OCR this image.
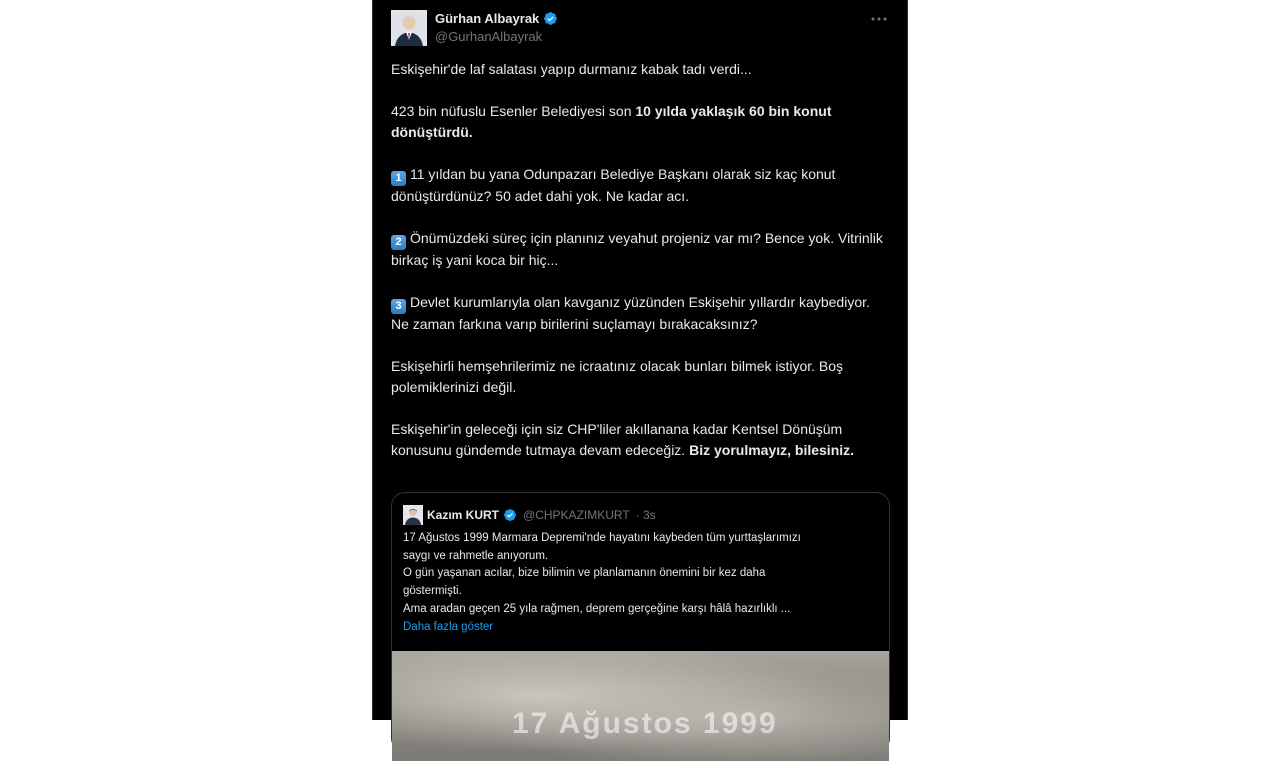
Gürhan Albayrak
@GurhanAlbayrak

Eskişehir'de laf salatası yapıp durmanız kabak tadı verdi...

423 bin nüfuslu Esenler Belediyesi son 10 yılda yaklaşık 60 bin konut dönüştürdü.

1 11 yıldan bu yana Odunpazarı Belediye Başkanı olarak siz kaç konut dönüştürdünüz? 50 adet dahi yok. Ne kadar acı.

2 Önümüzdeki süreç için planınız veyahut projeniz var mı? Bence yok. Vitrinlik birkaç iş yani koca bir hiç...

3 Devlet kurumlarıyla olan kavganız yüzünden Eskişehir yıllardır kaybediyor. Ne zaman farkına varıp birilerini suçlamayı bırakacaksınız?

Eskişehirli hemşehrilerimiz ne icraatınız olacak bunları bilmek istiyor. Boş polemiklerinizi değil.

Eskişehir'in geleceği için siz CHP'liler akıllanana kadar Kentsel Dönüşüm konusunu gündemde tutmaya devam edeceğiz. Biz yorulmayız, bilesiniz.

Kazım KURT @CHPKAZIMKURT · 3s
17 Ağustos 1999 Marmara Depremi'nde hayatını kaybeden tüm yurttaşlarımızı
saygı ve rahmetle anıyorum.
O gün yaşanan acılar, bize bilimin ve planlamanın önemini bir kez daha
göstermişti.
Ama aradan geçen 25 yıla rağmen, deprem gerçeğine karşı hâlâ hazırlıklı ...
Daha fazla göster
17 Ağustos 1999
